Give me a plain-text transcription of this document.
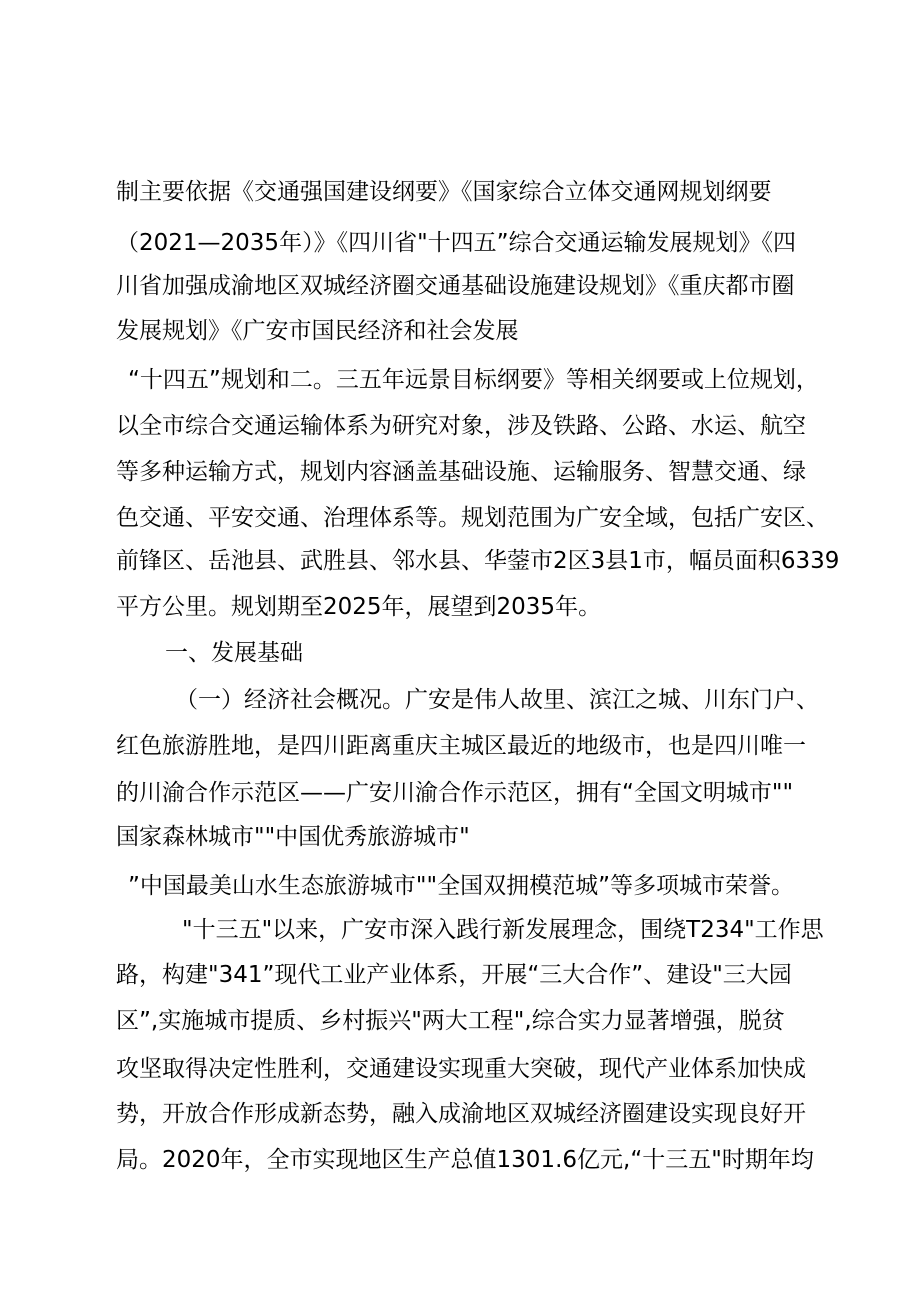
制主要依据《交通强国建设纲要》《国家综合立体交通网规划纲要
（2021—2035年）》《四川省"十四五”综合交通运输发展规划》《四
川省加强成渝地区双城经济圈交通基础设施建设规划》《重庆都市圈
发展规划》《广安市国民经济和社会发展
“十四五”规划和二。三五年远景目标纲要》等相关纲要或上位规划，
以全市综合交通运输体系为研究对象，涉及铁路、公路、水运、航空
等多种运输方式，规划内容涵盖基础设施、运输服务、智慧交通、绿
色交通、平安交通、治理体系等。规划范围为广安全域，包括广安区、
前锋区、岳池县、武胜县、邻水县、华蓥市2区3县1市，幅员面积6339
平方公里。规划期至2025年，展望到2035年。
一、发展基础
（一）经济社会概况。广安是伟人故里、滨江之城、川东门户、
红色旅游胜地，是四川距离重庆主城区最近的地级市，也是四川唯一
的川渝合作示范区——广安川渝合作示范区，拥有“全国文明城市""
国家森林城市""中国优秀旅游城市"
”中国最美山水生态旅游城市""全国双拥模范城”等多项城市荣誉。
"十三五"以来，广安市深入践行新发展理念，围绕T234"工作思
路，构建"341”现代工业产业体系，开展“三大合作”、建设"三大园
区”,实施城市提质、乡村振兴"两大工程",综合实力显著增强，脱贫
攻坚取得决定性胜利，交通建设实现重大突破，现代产业体系加快成
势，开放合作形成新态势，融入成渝地区双城经济圈建设实现良好开
局。2020年，全市实现地区生产总值1301.6亿元,“十三五"时期年均
